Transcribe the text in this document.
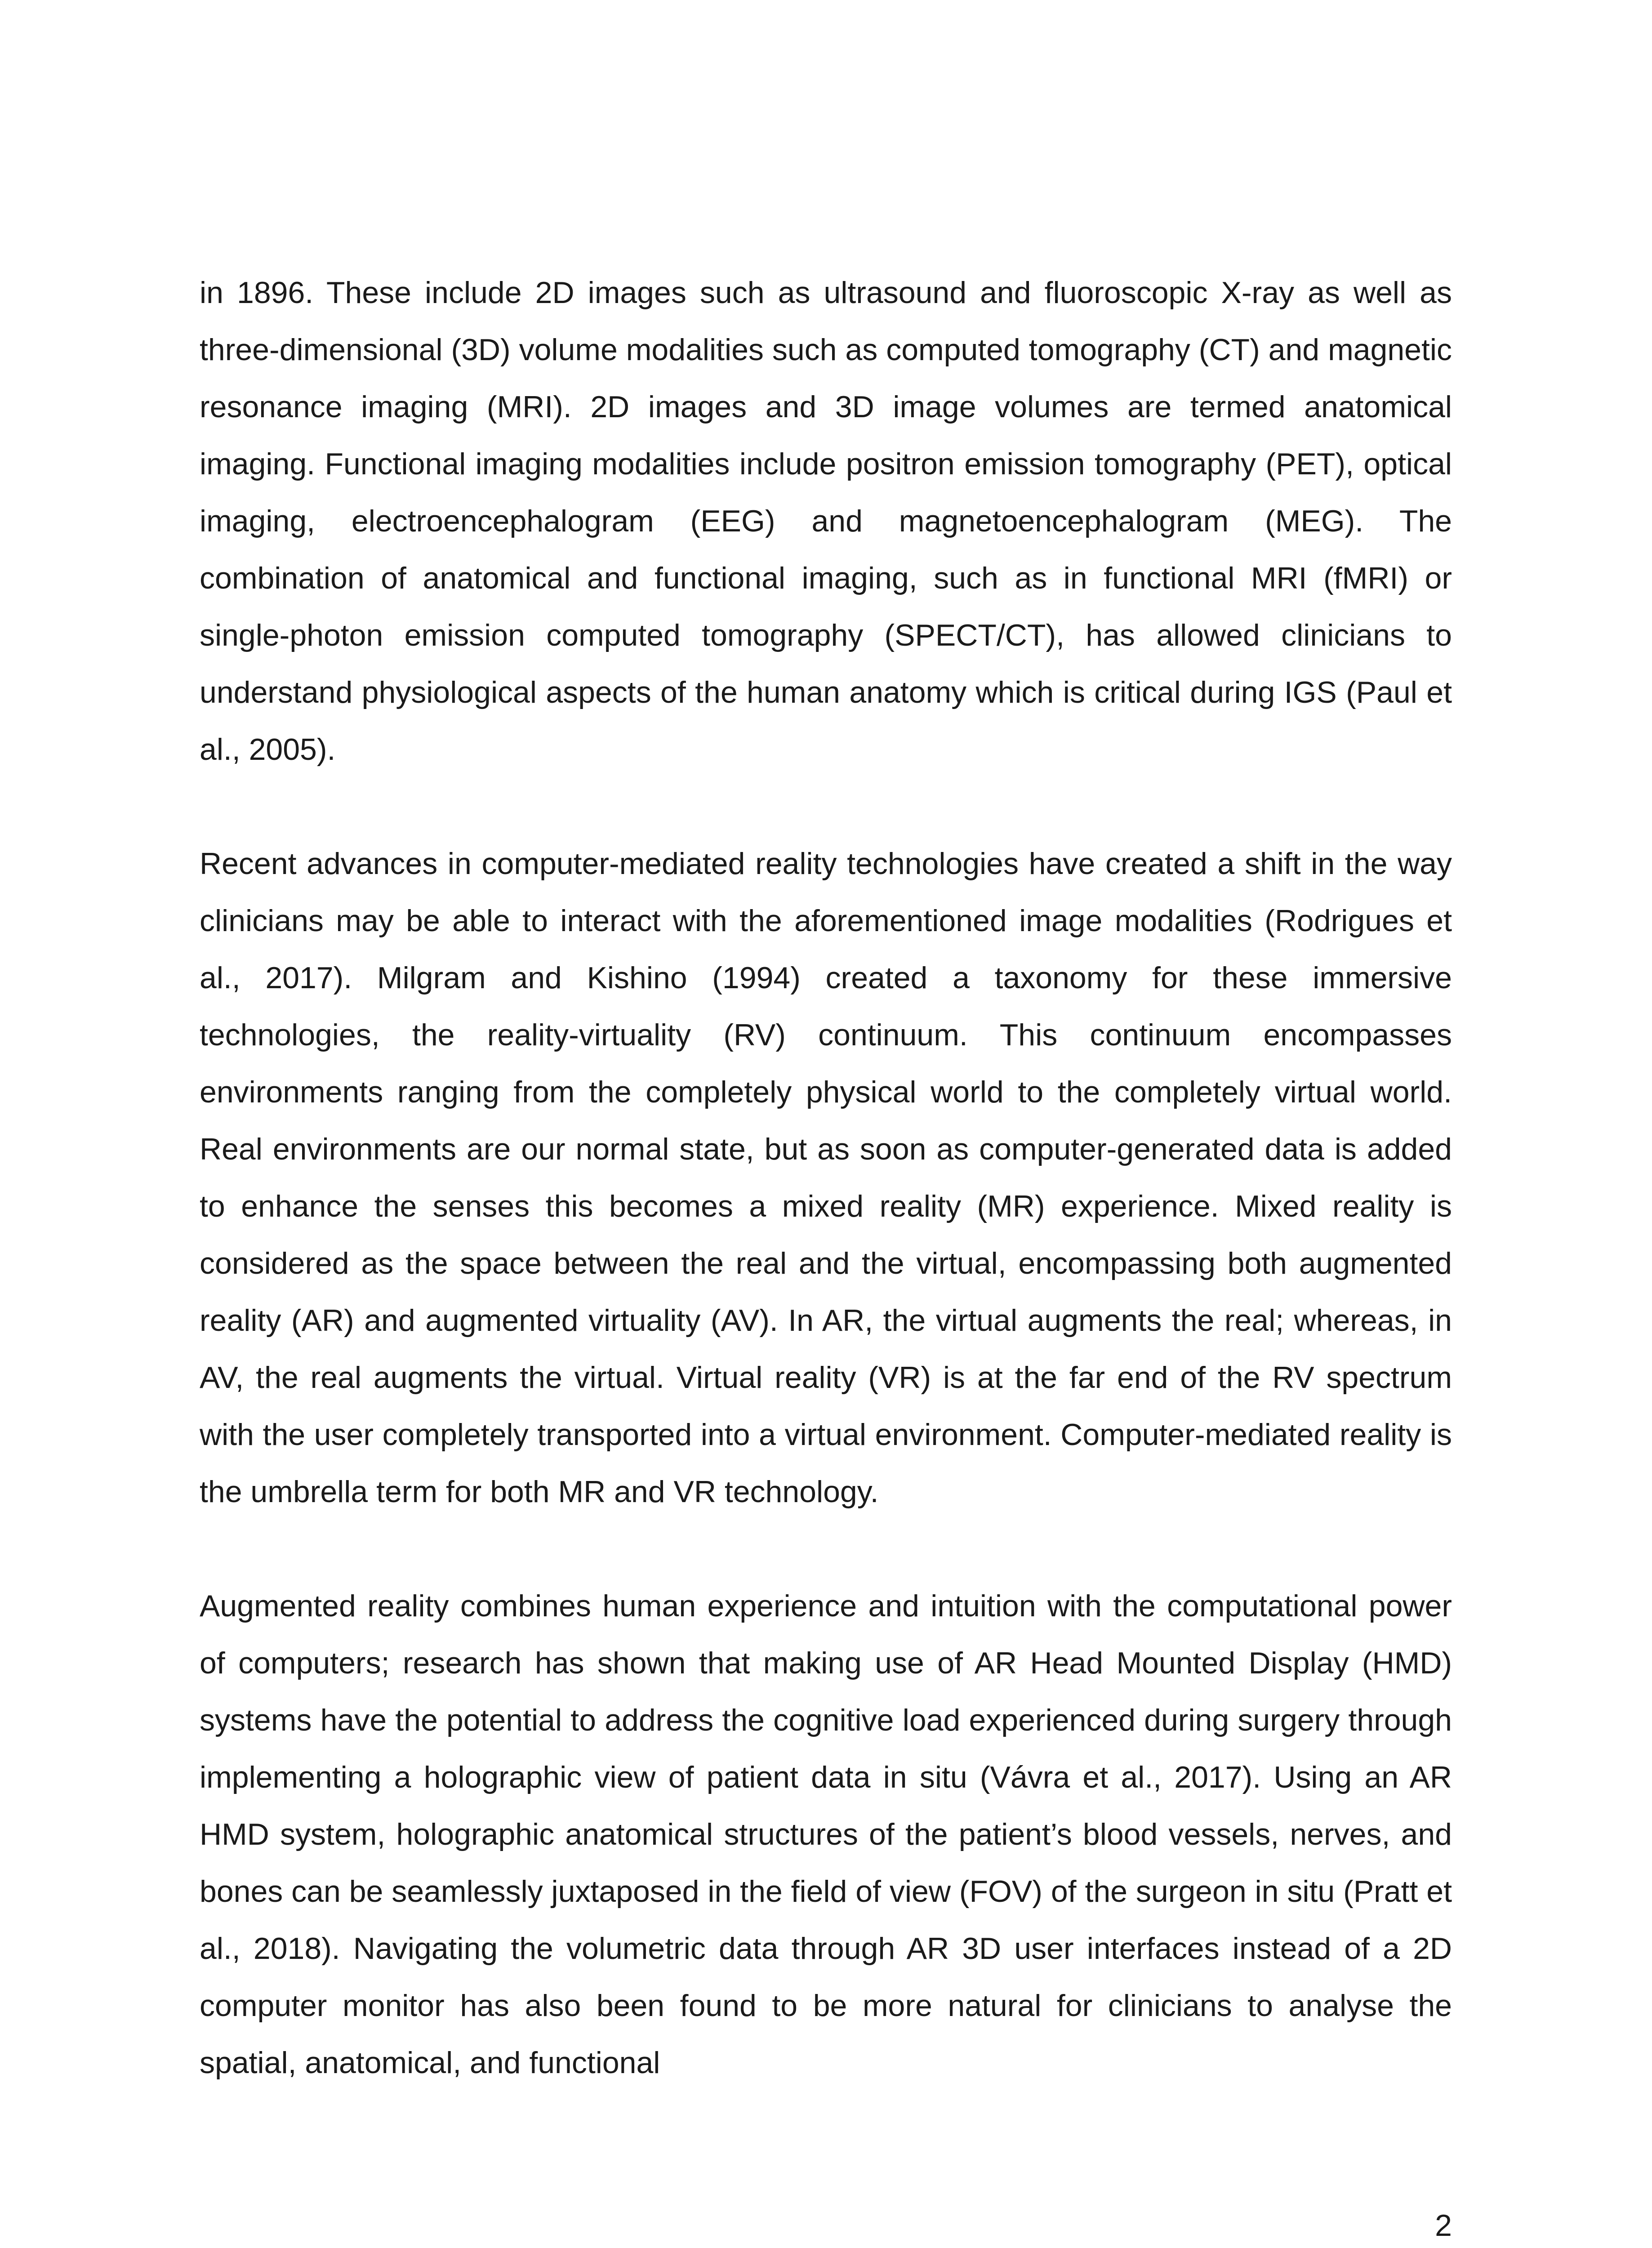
in 1896. These include 2D images such as ultrasound and fluoroscopic X-ray as well as three-dimensional (3D) volume modalities such as computed tomography (CT) and magnetic resonance imaging (MRI). 2D images and 3D image volumes are termed anatomical imaging. Functional imaging modalities include positron emission tomography (PET), optical imaging, electroencephalogram (EEG) and magnetoencephalogram (MEG). The combination of anatomical and functional imaging, such as in functional MRI (fMRI) or single-photon emission computed tomography (SPECT/CT), has allowed clinicians to understand physiological aspects of the human anatomy which is critical during IGS (Paul et al., 2005).

Recent advances in computer-mediated reality technologies have created a shift in the way clinicians may be able to interact with the aforementioned image modalities (Rodrigues et al., 2017). Milgram and Kishino (1994) created a taxonomy for these immersive technologies, the reality-virtuality (RV) continuum. This continuum encompasses environments ranging from the completely physical world to the completely virtual world. Real environments are our normal state, but as soon as computer-generated data is added to enhance the senses this becomes a mixed reality (MR) experience. Mixed reality is considered as the space between the real and the virtual, encompassing both augmented reality (AR) and augmented virtuality (AV). In AR, the virtual augments the real; whereas, in AV, the real augments the virtual. Virtual reality (VR) is at the far end of the RV spectrum with the user completely transported into a virtual environment. Computer-mediated reality is the umbrella term for both MR and VR technology.

Augmented reality combines human experience and intuition with the computational power of computers; research has shown that making use of AR Head Mounted Display (HMD) systems have the potential to address the cognitive load experienced during surgery through implementing a holographic view of patient data in situ (Vávra et al., 2017). Using an AR HMD system, holographic anatomical structures of the patient’s blood vessels, nerves, and bones can be seamlessly juxtaposed in the field of view (FOV) of the surgeon in situ (Pratt et al., 2018). Navigating the volumetric data through AR 3D user interfaces instead of a 2D computer monitor has also been found to be more natural for clinicians to analyse the spatial, anatomical, and functional

2
